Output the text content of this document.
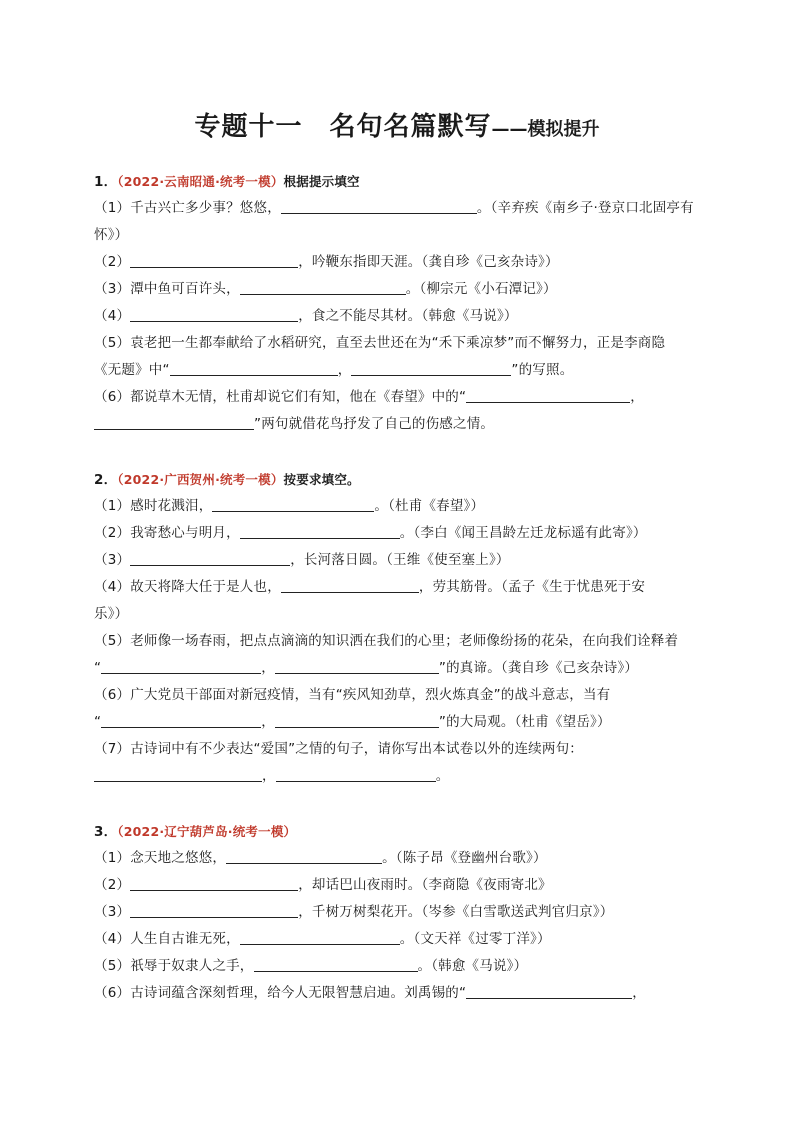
专题十一　名句名篇默写——模拟提升
1．（2022·云南昭通·统考一模）根据提示填空
（1）千古兴亡多少事？悠悠，	。（辛弃疾《南乡子·登京口北固亭有
怀》）
（2）	，吟鞭东指即天涯。（龚自珍《己亥杂诗》）
（3）潭中鱼可百许头，	。（柳宗元《小石潭记》）
（4）	，食之不能尽其材。（韩愈《马说》）
（5）袁老把一生都奉献给了水稻研究，直至去世还在为“禾下乘凉梦”而不懈努力，正是李商隐
《无题》中“	，	”的写照。
（6）都说草木无情，杜甫却说它们有知，他在《春望》中的“	，
”两句就借花鸟抒发了自己的伤感之情。
2．（2022·广西贺州·统考一模）按要求填空。
（1）感时花溅泪，	。（杜甫《春望》）
（2）我寄愁心与明月，	。（李白《闻王昌龄左迁龙标遥有此寄》）
（3）	，长河落日圆。（王维《使至塞上》）
（4）故天将降大任于是人也，	，劳其筋骨。（孟子《生于忧患死于安
乐》）
（5）老师像一场春雨，把点点滴滴的知识洒在我们的心里；老师像纷扬的花朵，在向我们诠释着
“	，	”的真谛。（龚自珍《己亥杂诗》）
（6）广大党员干部面对新冠疫情，当有“疾风知劲草，烈火炼真金”的战斗意志，当有
“	，	”的大局观。（杜甫《望岳》）
（7）古诗词中有不少表达“爱国”之情的句子，请你写出本试卷以外的连续两句：
，	。
3．（2022·辽宁葫芦岛·统考一模）
（1）念天地之悠悠，	。（陈子昂《登幽州台歌》）
（2）	，却话巴山夜雨时。（李商隐《夜雨寄北》
（3）	，千树万树梨花开。（岑参《白雪歌送武判官归京》）
（4）人生自古谁无死，	。（文天祥《过零丁洋》）
（5）祇辱于奴隶人之手，	。（韩愈《马说》）
（6）古诗词蕴含深刻哲理，给今人无限智慧启迪。刘禹锡的“	，
